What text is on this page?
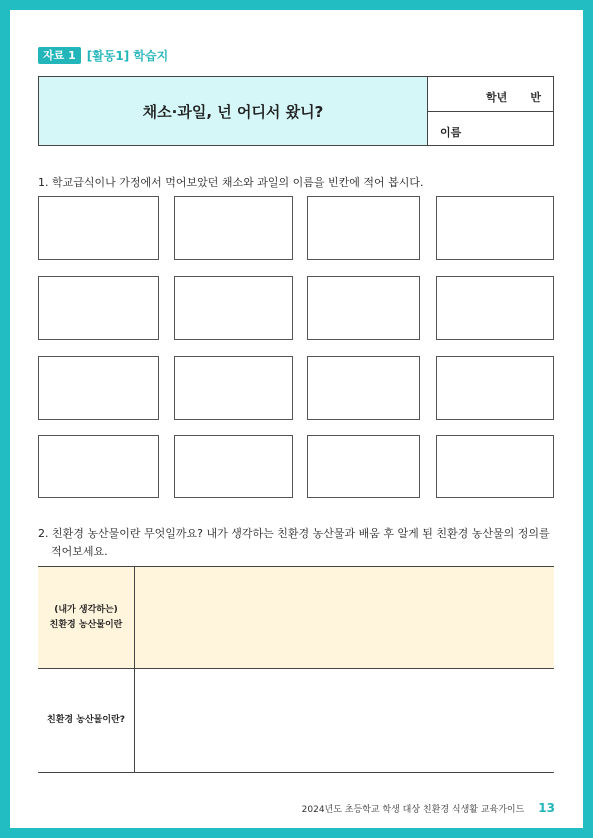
자료 1 [활동1] 학습지
채소·과일, 넌 어디서 왔니?
학년 반
이름
1. 학교급식이나 가정에서 먹어보았던 채소와 과일의 이름을 빈칸에 적어 봅시다.
2. 친환경 농산물이란 무엇일까요? 내가 생각하는 친환경 농산물과 배움 후 알게 된 친환경 농산물의 정의를
적어보세요.
(내가 생각하는)
친환경 농산물이란
친환경 농산물이란?
2024년도 초등학교 학생 대상 친환경 식생활 교육가이드 13
